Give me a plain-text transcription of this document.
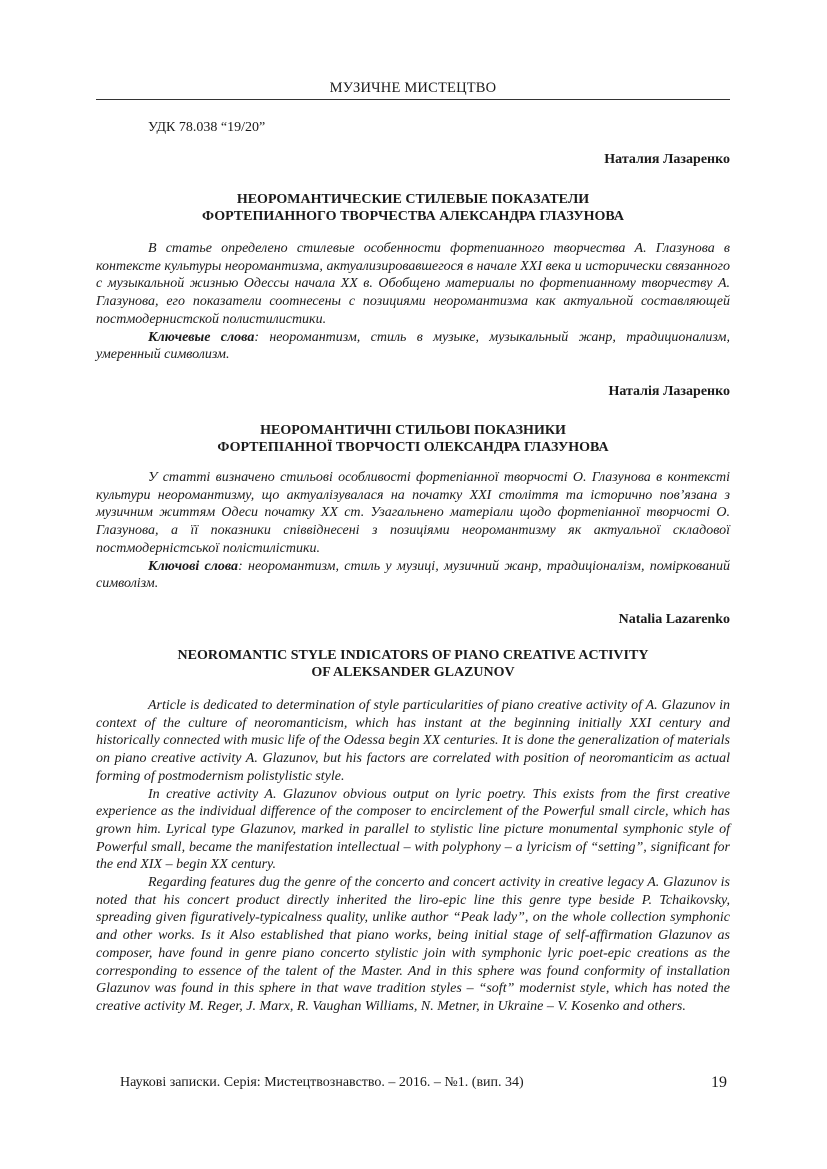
МУЗИЧНЕ МИСТЕЦТВО
УДК 78.038 “19/20”
Наталия Лазаренко
НЕОРОМАНТИЧЕСКИЕ СТИЛЕВЫЕ ПОКАЗАТЕЛИ
ФОРТЕПИАННОГО ТВОРЧЕСТВА АЛЕКСАНДРА ГЛАЗУНОВА

В статье определено стилевые особенности фортепианного творчества А. Глазунова в контексте культуры неоромантизма, актуализировавшегося в начале XXI века и исторически связанного с музыкальной жизнью Одессы начала XX в. Обобщено материалы по фортепианному творчеству А. Глазунова, его показатели соотнесены с позициями неоромантизма как актуальной составляющей постмодернистской полистилистики.

Ключевые слова: неоромантизм, стиль в музыке, музыкальный жанр, традиционализм, умеренный символизм.

Наталія Лазаренко
НЕОРОМАНТИЧНІ СТИЛЬОВІ ПОКАЗНИКИ
ФОРТЕПІАННОЇ ТВОРЧОСТІ ОЛЕКСАНДРА ГЛАЗУНОВА

У статті визначено стильові особливості фортепіанної творчості О. Глазунова в контексті культури неоромантизму, що актуалізувалася на початку XXI століття та історично пов’язана з музичним життям Одеси початку XX ст. Узагальнено матеріали щодо фортепіанної творчості О. Глазунова, а її показники співвіднесені з позиціями неоромантизму як актуальної складової постмодерністської полістилістики.

Ключові слова: неоромантизм, стиль у музиці, музичний жанр, традиціоналізм, поміркований символізм.

Natalia Lazarenko
NEOROMANTIC STYLE INDICATORS OF PIANO CREATIVE ACTIVITY
OF ALEKSANDER GLAZUNOV

Article is dedicated to determination of style particularities of piano creative activity of A. Glazunov in context of the culture of neoromanticism, which has instant at the beginning initially XXI century and historically connected with music life of the Odessa begin XX centuries. It is done the generalization of materials on piano creative activity A. Glazunov, but his factors are correlated with position of neoromanticim as actual forming of postmodernism polistylistic style.

In creative activity A. Glazunov obvious output on lyric poetry. This exists from the first creative experience as the individual difference of the composer to encirclement of the Powerful small circle, which has grown him. Lyrical type Glazunov, marked in parallel to stylistic line picture monumental symphonic style of Powerful small, became the manifestation intellectual – with polyphony – a lyricism of “setting”, significant for the end XIX – begin XX century.

Regarding features dug the genre of the concerto and concert activity in creative legacy A. Glazunov is noted that his concert product directly inherited the liro-epic line this genre type beside P. Tchaikovsky, spreading given figuratively-typicalness quality, unlike author “Peak lady”, on the whole collection symphonic and other works. Is it Also established that piano works, being initial stage of self-affirmation Glazunov as composer, have found in genre piano concerto stylistic join with symphonic lyric poet-epic creations as the corresponding to essence of the talent of the Master. And in this sphere was found conformity of installation Glazunov was found in this sphere in that wave tradition styles – “soft” modernist style, which has noted the creative activity M. Reger, J. Marx, R. Vaughan Williams, N. Metner, in Ukraine – V. Kosenko and others.

Наукові записки. Серія: Мистецтвознавство. – 2016. – №1. (вип. 34)	19
